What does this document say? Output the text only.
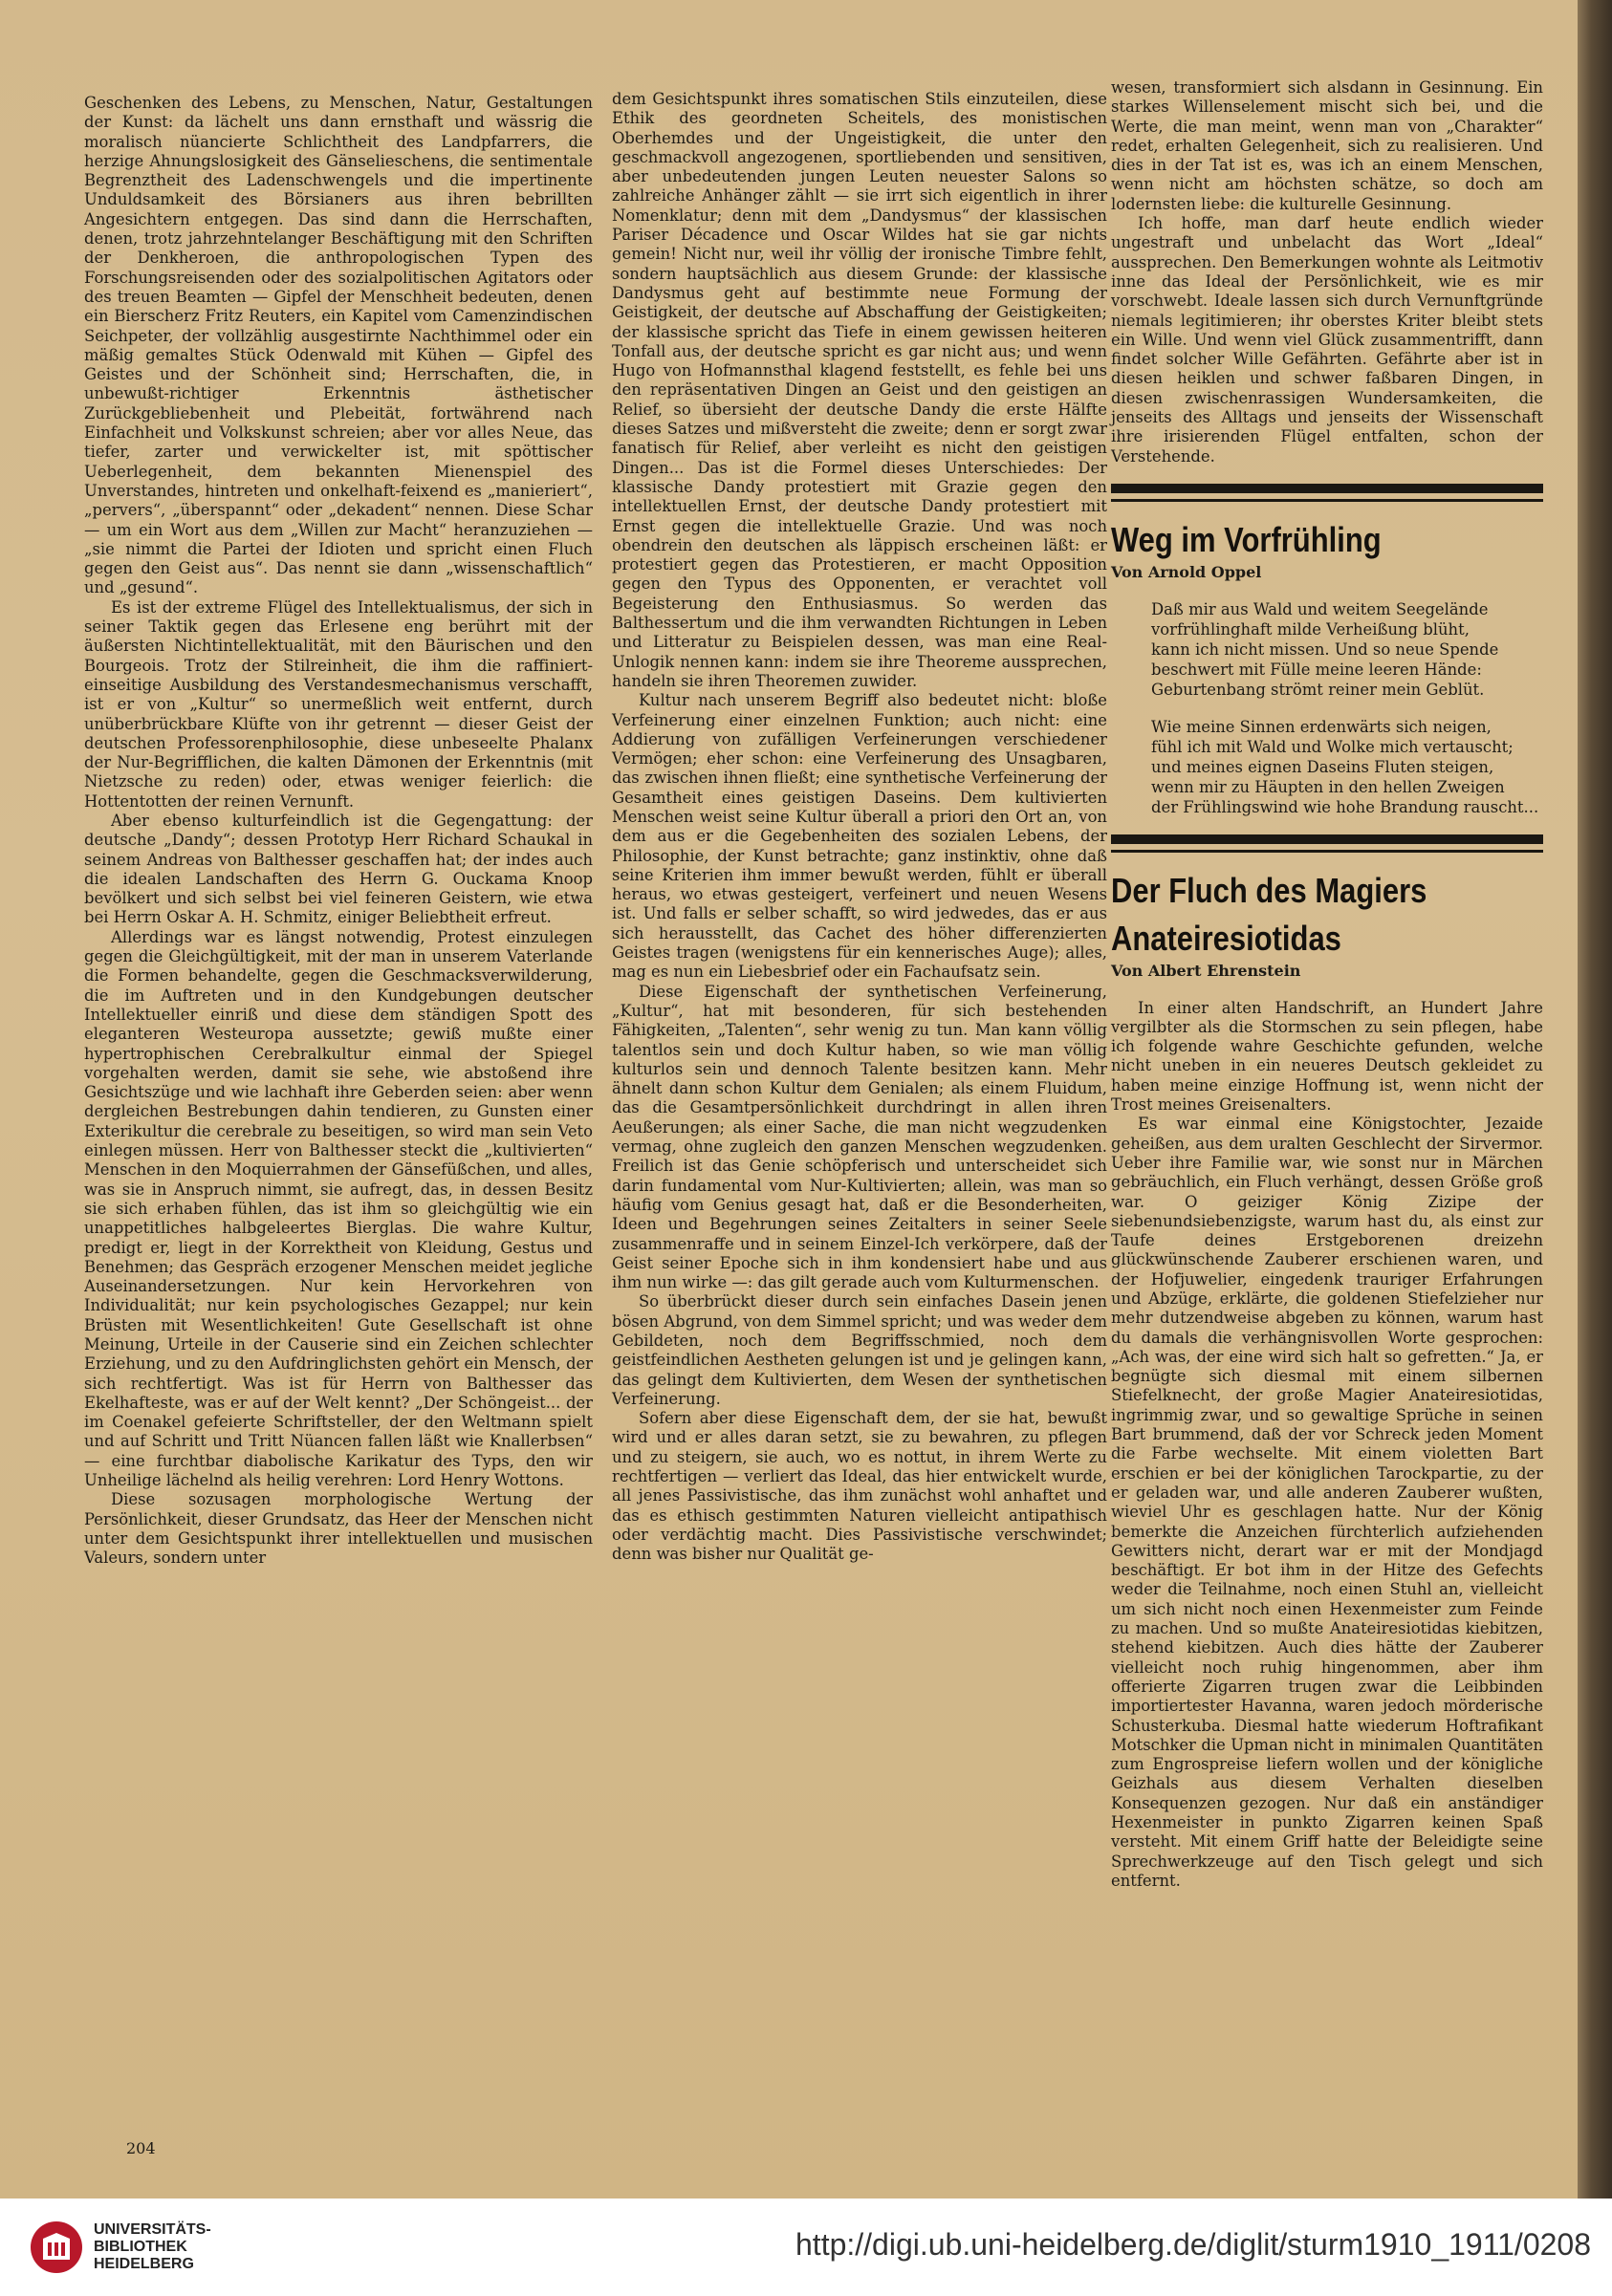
Geschenken des Lebens, zu Menschen, Natur, Gestaltungen der Kunst: da lächelt uns dann ernsthaft und wässrig die moralisch nüancierte Schlichtheit des Landpfarrers, die herzige Ahnungslosigkeit des Gänselieschens, die sentimentale Begrenztheit des Ladenschwengels und die impertinente Unduldsamkeit des Börsianers aus ihren bebrillten Angesichtern entgegen. Das sind dann die Herrschaften, denen, trotz jahrzehntelanger Beschäftigung mit den Schriften der Denkheroen, die anthropologischen Typen des Forschungsreisenden oder des sozialpolitischen Agitators oder des treuen Beamten — Gipfel der Menschheit bedeuten, denen ein Bierscherz Fritz Reuters, ein Kapitel vom Camenzindischen Seichpeter, der vollzählig ausgestirnte Nachthimmel oder ein mäßig gemaltes Stück Odenwald mit Kühen — Gipfel des Geistes und der Schönheit sind; Herrschaften, die, in unbewußt-richtiger Erkenntnis ästhetischer Zurückgebliebenheit und Plebeität, fortwährend nach Einfachheit und Volkskunst schreien; aber vor alles Neue, das tiefer, zarter und verwickelter ist, mit spöttischer Ueberlegenheit, dem bekannten Mienenspiel des Unverstandes, hintreten und onkelhaft-feixend es „manieriert“, „pervers“, „überspannt“ oder „dekadent“ nennen. Diese Schar — um ein Wort aus dem „Willen zur Macht“ heranzuziehen — „sie nimmt die Partei der Idioten und spricht einen Fluch gegen den Geist aus“. Das nennt sie dann „wissenschaftlich“ und „gesund“.

Es ist der extreme Flügel des Intellektualismus, der sich in seiner Taktik gegen das Erlesene eng berührt mit der äußersten Nichtintellektualität, mit den Bäurischen und den Bourgeois. Trotz der Stilreinheit, die ihm die raffiniert-einseitige Ausbildung des Verstandesmechanismus verschafft, ist er von „Kultur“ so unermeßlich weit entfernt, durch unüberbrückbare Klüfte von ihr getrennt — dieser Geist der deutschen Professorenphilosophie, diese unbeseelte Phalanx der Nur-Begrifflichen, die kalten Dämonen der Erkenntnis (mit Nietzsche zu reden) oder, etwas weniger feierlich: die Hottentotten der reinen Vernunft.

Aber ebenso kulturfeindlich ist die Gegengattung: der deutsche „Dandy“; dessen Prototyp Herr Richard Schaukal in seinem Andreas von Balthesser geschaffen hat; der indes auch die idealen Landschaften des Herrn G. Ouckama Knoop bevölkert und sich selbst bei viel feineren Geistern, wie etwa bei Herrn Oskar A. H. Schmitz, einiger Beliebtheit erfreut.

Allerdings war es längst notwendig, Protest einzulegen gegen die Gleichgültigkeit, mit der man in unserem Vaterlande die Formen behandelte, gegen die Geschmacksverwilderung, die im Auftreten und in den Kundgebungen deutscher Intellektueller einriß und diese dem ständigen Spott des eleganteren Westeuropa aussetzte; gewiß mußte einer hypertrophischen Cerebralkultur einmal der Spiegel vorgehalten werden, damit sie sehe, wie abstoßend ihre Gesichtszüge und wie lachhaft ihre Geberden seien: aber wenn dergleichen Bestrebungen dahin tendieren, zu Gunsten einer Exterikultur die cerebrale zu beseitigen, so wird man sein Veto einlegen müssen. Herr von Balthesser steckt die „kultivierten“ Menschen in den Moquierrahmen der Gänsefüßchen, und alles, was sie in Anspruch nimmt, sie aufregt, das, in dessen Besitz sie sich erhaben fühlen, das ist ihm so gleichgültig wie ein unappetitliches halbgeleertes Bierglas. Die wahre Kultur, predigt er, liegt in der Korrektheit von Kleidung, Gestus und Benehmen; das Gespräch erzogener Menschen meidet jegliche Auseinandersetzungen. Nur kein Hervorkehren von Individualität; nur kein psychologisches Gezappel; nur kein Brüsten mit Wesentlichkeiten! Gute Gesellschaft ist ohne Meinung, Urteile in der Causerie sind ein Zeichen schlechter Erziehung, und zu den Aufdringlichsten gehört ein Mensch, der sich rechtfertigt. Was ist für Herrn von Balthesser das Ekelhafteste, was er auf der Welt kennt? „Der Schöngeist... der im Coenakel gefeierte Schriftsteller, der den Weltmann spielt und auf Schritt und Tritt Nüancen fallen läßt wie Knallerbsen“ — eine furchtbar diabolische Karikatur des Typs, den wir Unheilige lächelnd als heilig verehren: Lord Henry Wottons.

Diese sozusagen morphologische Wertung der Persönlichkeit, dieser Grundsatz, das Heer der Menschen nicht unter dem Gesichtspunkt ihrer intellektuellen und musischen Valeurs, sondern unter

dem Gesichtspunkt ihres somatischen Stils einzuteilen, diese Ethik des geordneten Scheitels, des monistischen Oberhemdes und der Ungeistigkeit, die unter den geschmackvoll angezogenen, sportliebenden und sensitiven, aber unbedeutenden jungen Leuten neuester Salons so zahlreiche Anhänger zählt — sie irrt sich eigentlich in ihrer Nomenklatur; denn mit dem „Dandysmus“ der klassischen Pariser Décadence und Oscar Wildes hat sie gar nichts gemein! Nicht nur, weil ihr völlig der ironische Timbre fehlt, sondern hauptsächlich aus diesem Grunde: der klassische Dandysmus geht auf bestimmte neue Formung der Geistigkeit, der deutsche auf Abschaffung der Geistigkeiten; der klassische spricht das Tiefe in einem gewissen heiteren Tonfall aus, der deutsche spricht es gar nicht aus; und wenn Hugo von Hofmannsthal klagend feststellt, es fehle bei uns den repräsentativen Dingen an Geist und den geistigen an Relief, so übersieht der deutsche Dandy die erste Hälfte dieses Satzes und mißversteht die zweite; denn er sorgt zwar fanatisch für Relief, aber verleiht es nicht den geistigen Dingen... Das ist die Formel dieses Unterschiedes: Der klassische Dandy protestiert mit Grazie gegen den intellektuellen Ernst, der deutsche Dandy protestiert mit Ernst gegen die intellektuelle Grazie. Und was noch obendrein den deutschen als läppisch erscheinen läßt: er protestiert gegen das Protestieren, er macht Opposition gegen den Typus des Opponenten, er verachtet voll Begeisterung den Enthusiasmus. So werden das Balthessertum und die ihm verwandten Richtungen in Leben und Litteratur zu Beispielen dessen, was man eine Real-Unlogik nennen kann: indem sie ihre Theoreme aussprechen, handeln sie ihren Theoremen zuwider.

Kultur nach unserem Begriff also bedeutet nicht: bloße Verfeinerung einer einzelnen Funktion; auch nicht: eine Addierung von zufälligen Verfeinerungen verschiedener Vermögen; eher schon: eine Verfeinerung des Unsagbaren, das zwischen ihnen fließt; eine synthetische Verfeinerung der Gesamtheit eines geistigen Daseins. Dem kultivierten Menschen weist seine Kultur überall a priori den Ort an, von dem aus er die Gegebenheiten des sozialen Lebens, der Philosophie, der Kunst betrachte; ganz instinktiv, ohne daß seine Kriterien ihm immer bewußt werden, fühlt er überall heraus, wo etwas gesteigert, verfeinert und neuen Wesens ist. Und falls er selber schafft, so wird jedwedes, das er aus sich herausstellt, das Cachet des höher differenzierten Geistes tragen (wenigstens für ein kennerisches Auge); alles, mag es nun ein Liebesbrief oder ein Fachaufsatz sein.

Diese Eigenschaft der synthetischen Verfeinerung, „Kultur“, hat mit besonderen, für sich bestehenden Fähigkeiten, „Talenten“, sehr wenig zu tun. Man kann völlig talentlos sein und doch Kultur haben, so wie man völlig kulturlos sein und dennoch Talente besitzen kann. Mehr ähnelt dann schon Kultur dem Genialen; als einem Fluidum, das die Gesamtpersönlichkeit durchdringt in allen ihren Aeußerungen; als einer Sache, die man nicht wegzudenken vermag, ohne zugleich den ganzen Menschen wegzudenken. Freilich ist das Genie schöpferisch und unterscheidet sich darin fundamental vom Nur-Kultivierten; allein, was man so häufig vom Genius gesagt hat, daß er die Besonderheiten, Ideen und Begehrungen seines Zeitalters in seiner Seele zusammenraffe und in seinem Einzel-Ich verkörpere, daß der Geist seiner Epoche sich in ihm kondensiert habe und aus ihm nun wirke —: das gilt gerade auch vom Kulturmenschen.

So überbrückt dieser durch sein einfaches Dasein jenen bösen Abgrund, von dem Simmel spricht; und was weder dem Gebildeten, noch dem Begriffsschmied, noch dem geistfeindlichen Aestheten gelungen ist und je gelingen kann, das gelingt dem Kultivierten, dem Wesen der synthetischen Verfeinerung.

Sofern aber diese Eigenschaft dem, der sie hat, bewußt wird und er alles daran setzt, sie zu bewahren, zu pflegen und zu steigern, sie auch, wo es nottut, in ihrem Werte zu rechtfertigen — verliert das Ideal, das hier entwickelt wurde, all jenes Passivistische, das ihm zunächst wohl anhaftet und das es ethisch gestimmten Naturen vielleicht antipathisch oder verdächtig macht. Dies Passivistische verschwindet; denn was bisher nur Qualität ge-

wesen, transformiert sich alsdann in Gesinnung. Ein starkes Willenselement mischt sich bei, und die Werte, die man meint, wenn man von „Charakter“ redet, erhalten Gelegenheit, sich zu realisieren. Und dies in der Tat ist es, was ich an einem Menschen, wenn nicht am höchsten schätze, so doch am lodernsten liebe: die kulturelle Gesinnung.

Ich hoffe, man darf heute endlich wieder ungestraft und unbelacht das Wort „Ideal“ aussprechen. Den Bemerkungen wohnte als Leitmotiv inne das Ideal der Persönlichkeit, wie es mir vorschwebt. Ideale lassen sich durch Vernunftgründe niemals legitimieren; ihr oberstes Kriter bleibt stets ein Wille. Und wenn viel Glück zusammentrifft, dann findet solcher Wille Gefährten. Gefährte aber ist in diesen heiklen und schwer faßbaren Dingen, in diesen zwischenrassigen Wundersamkeiten, die jenseits des Alltags und jenseits der Wissenschaft ihre irisierenden Flügel entfalten, schon der Verstehende.

Weg im Vorfrühling
Von Arnold Oppel
Daß mir aus Wald und weitem Seegelände
vorfrühlinghaft milde Verheißung blüht,
kann ich nicht missen. Und so neue Spende
beschwert mit Fülle meine leeren Hände:
Geburtenbang strömt reiner mein Geblüt.
Wie meine Sinnen erdenwärts sich neigen,
fühl ich mit Wald und Wolke mich vertauscht;
und meines eignen Daseins Fluten steigen,
wenn mir zu Häupten in den hellen Zweigen
der Frühlingswind wie hohe Brandung rauscht...
Der Fluch des Magiers
Anateiresiotidas
Von Albert Ehrenstein

In einer alten Handschrift, an Hundert Jahre vergilbter als die Stormschen zu sein pflegen, habe ich folgende wahre Geschichte gefunden, welche nicht uneben in ein neueres Deutsch gekleidet zu haben meine einzige Hoffnung ist, wenn nicht der Trost meines Greisenalters.

Es war einmal eine Königstochter, Jezaide geheißen, aus dem uralten Geschlecht der Sirvermor. Ueber ihre Familie war, wie sonst nur in Märchen gebräuchlich, ein Fluch verhängt, dessen Größe groß war. O geiziger König Zizipe der siebenundsiebenzigste, warum hast du, als einst zur Taufe deines Erstgeborenen dreizehn glückwünschende Zauberer erschienen waren, und der Hofjuwelier, eingedenk trauriger Erfahrungen und Abzüge, erklärte, die goldenen Stiefelzieher nur mehr dutzendweise abgeben zu können, warum hast du damals die verhängnisvollen Worte gesprochen: „Ach was, der eine wird sich halt so gefretten.“ Ja, er begnügte sich diesmal mit einem silbernen Stiefelknecht, der große Magier Anateiresiotidas, ingrimmig zwar, und so gewaltige Sprüche in seinen Bart brummend, daß der vor Schreck jeden Moment die Farbe wechselte. Mit einem violetten Bart erschien er bei der königlichen Tarockpartie, zu der er geladen war, und alle anderen Zauberer wußten, wieviel Uhr es geschlagen hatte. Nur der König bemerkte die Anzeichen fürchterlich aufziehenden Gewitters nicht, derart war er mit der Mondjagd beschäftigt. Er bot ihm in der Hitze des Gefechts weder die Teilnahme, noch einen Stuhl an, vielleicht um sich nicht noch einen Hexenmeister zum Feinde zu machen. Und so mußte Anateiresiotidas kiebitzen, stehend kiebitzen. Auch dies hätte der Zauberer vielleicht noch ruhig hingenommen, aber ihm offerierte Zigarren trugen zwar die Leibbinden importiertester Havanna, waren jedoch mörderische Schusterkuba. Diesmal hatte wiederum Hoftrafikant Motschker die Upman nicht in minimalen Quantitäten zum Engrospreise liefern wollen und der königliche Geizhals aus diesem Verhalten dieselben Konsequenzen gezogen. Nur daß ein anständiger Hexenmeister in punkto Zigarren keinen Spaß versteht. Mit einem Griff hatte der Beleidigte seine Sprechwerkzeuge auf den Tisch gelegt und sich entfernt.

204
UNIVERSITÄTS-
BIBLIOTHEK
HEIDELBERG
http://digi.ub.uni-heidelberg.de/diglit/sturm1910_1911/0208
